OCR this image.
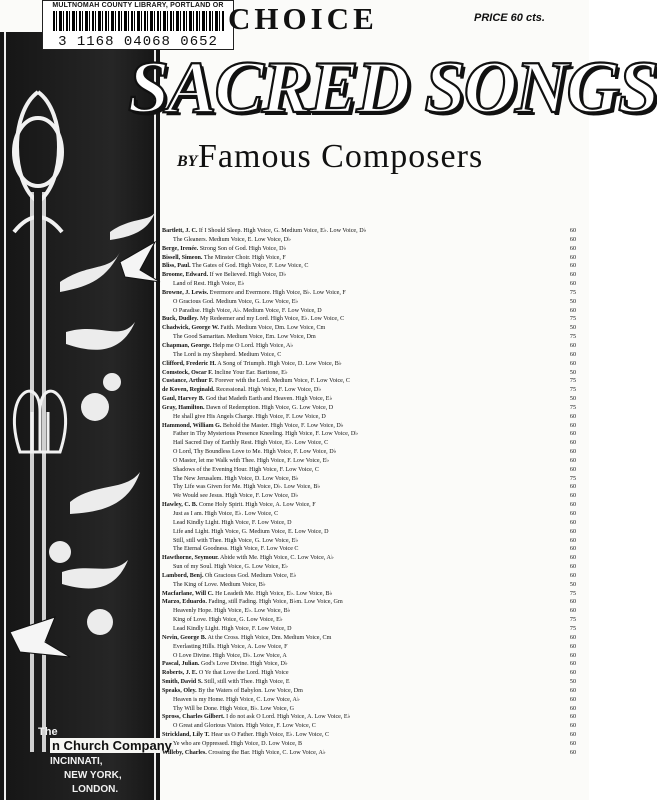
The
n Church Company
INCINNATI,
NEW YORK,
LONDON.
MULTNOMAH COUNTY LIBRARY, PORTLAND OR
3 1168 04068 0652
PRICE 60 cts.
CHOICE
SACRED SONGS
BY Famous Composers
Bartlett, J. C. If I Should Sleep. High Voice, G. Medium Voice, E♭. Low Voice, D♭	60
The Gleaners. Medium Voice, E. Low Voice, D♭	60
Berge, Irenée. Strong Son of God. High Voice, D♭	60
Bissell, Simeon. The Minster Choir. High Voice, F	60
Bliss, Paul. The Gates of God. High Voice, F. Low Voice, C	60
Broome, Edward. If we Believed. High Voice, D♭	60
Land of Rest. High Voice, E♭	60
Browne, J. Lewis. Evermore and Evermore. High Voice, B♭. Low Voice, F	75
O Gracious God. Medium Voice, G. Low Voice, E♭	50
O Paradise. High Voice, A♭. Medium Voice, F. Low Voice, D	60
Buck, Dudley. My Redeemer and my Lord. High Voice, E♭. Low Voice, C	75
Chadwick, George W. Faith. Medium Voice, Dm. Low Voice, Cm	50
The Good Samaritan. Medium Voice, Em. Low Voice, Dm	75
Chapman, George. Help me O Lord. High Voice, A♭	60
The Lord is my Shepherd. Medium Voice, C	60
Clifford, Frederic H. A Song of Triumph. High Voice, D. Low Voice, B♭	60
Comstock, Oscar F. Incline Your Ear. Baritone, E♭	50
Custance, Arthur F. Forever with the Lord. Medium Voice, F. Low Voice, C	75
de Koven, Reginald. Recessional. High Voice, F. Low Voice, D♭	75
Gaul, Harvey B. God that Madeth Earth and Heaven. High Voice, E♭	50
Gray, Hamilton. Dawn of Redemption. High Voice, G. Low Voice, D	75
He shall give His Angels Charge. High Voice, F. Low Voice, D	60
Hammond, William G. Behold the Master. High Voice, F. Low Voice, D♭	60
Father in Thy Mysterious Presence Kneeling. High Voice, F. Low Voice, D♭	60
Hail Sacred Day of Earthly Rest. High Voice, E♭. Low Voice, C	60
O Lord, Thy Boundless Love to Me. High Voice, F. Low Voice, D♭	60
O Master, let me Walk with Thee. High Voice, F. Low Voice, E♭	60
Shadows of the Evening Hour. High Voice, F. Low Voice, C	60
The New Jerusalem. High Voice, D. Low Voice, B♭	75
Thy Life was Given for Me. High Voice, D♭. Low Voice, B♭	60
We Would see Jesus. High Voice, F. Low Voice, D♭	60
Hawley, C. B. Come Holy Spirit. High Voice, A. Low Voice, F	60
Just as I am. High Voice, E♭. Low Voice, C	60
Lead Kindly Light. High Voice, F. Low Voice, D	60
Life and Light. High Voice, G. Medium Voice, E. Low Voice, D	60
Still, still with Thee. High Voice, G. Low Voice, E♭	60
The Eternal Goodness. High Voice, F. Low Voice C	60
Hawthorne, Seymour. Abide with Me. High Voice, C. Low Voice, A♭	60
Sun of my Soul. High Voice, G. Low Voice, E♭	60
Lambord, Benj. Oh Gracious God. Medium Voice, E♭	60
The King of Love. Medium Voice, B♭	50
Macfarlane, Will C. He Leadeth Me. High Voice, E♭. Low Voice, B♭	75
Marzo, Eduardo. Fading, still Fading. High Voice, B♭m. Low Voice, Gm	60
Heavenly Hope. High Voice, E♭. Low Voice, B♭	60
King of Love. High Voice, G. Low Voice, E♭	75
Lead Kindly Light. High Voice, F. Low Voice, D	75
Nevin, George B. At the Cross. High Voice, Dm. Medium Voice, Cm	60
Everlasting Hills. High Voice, A. Low Voice, F	60
O Love Divine. High Voice, D♭. Low Voice, A	60
Pascal, Julian. God's Love Divine. High Voice, D♭	60
Roberts, J. E. O Ye that Love the Lord. High Voice	60
Smith, David S. Still, still with Thee. High Voice, E	50
Speaks, Oley. By the Waters of Babylon. Low Voice, Dm	60
Heaven is my Home. High Voice, C. Low Voice, A♭	60
Thy Will be Done. High Voice, B♭. Low Voice, G	60
Spross, Charles Gilbert. I do not ask O Lord. High Voice, A. Low Voice, E♭	60
O Great and Glorious Vision. High Voice, F. Low Voice, C	60
Strickland, Lily T. Hear us O Father. High Voice, E♭. Low Voice, C	60
Ye who are Oppressed. High Voice, D. Low Voice, B	60
Willeby, Charles. Crossing the Bar. High Voice, C. Low Voice, A♭	60
